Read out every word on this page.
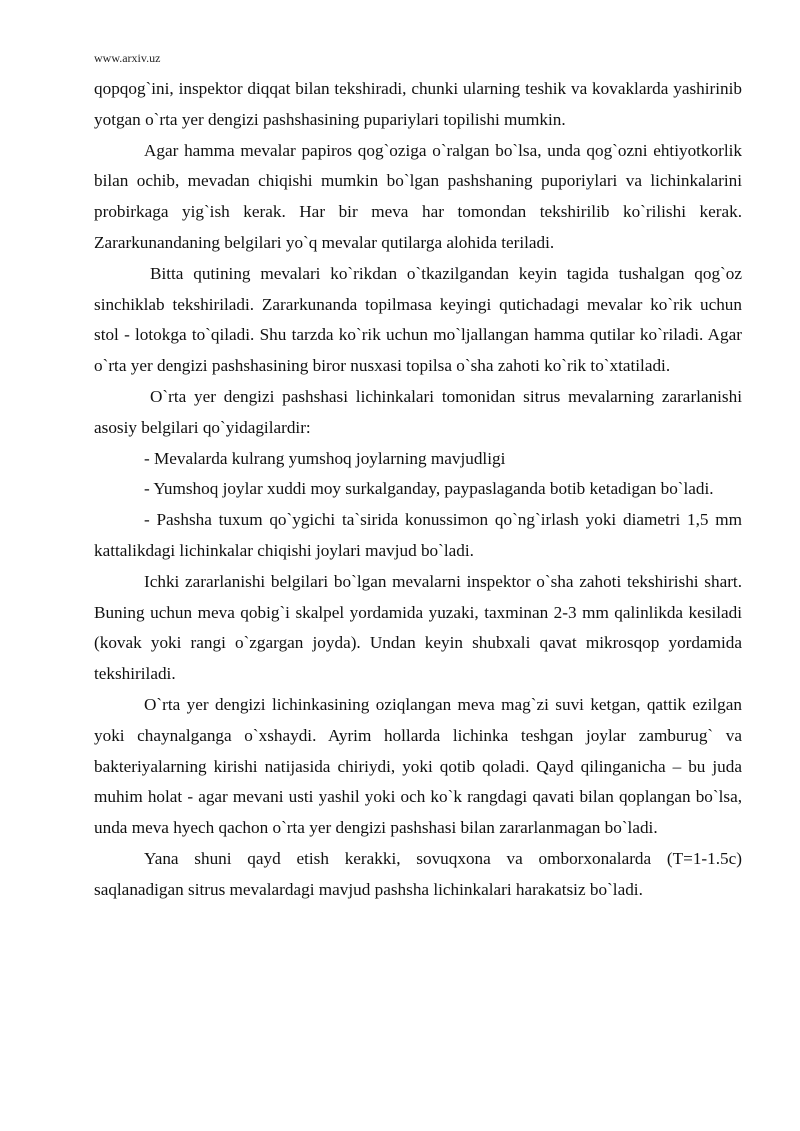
www.arxiv.uz

qopqog`ini, inspektor diqqat bilan tekshiradi, chunki ularning teshik va kovaklarda yashirinib yotgan o`rta yer dengizi pashshasining pupariylari topilishi mumkin.

Agar hamma mevalar papiros qog`oziga o`ralgan bo`lsa, unda qog`ozni ehtiyotkorlik bilan ochib, mevadan chiqishi mumkin bo`lgan pashshaning puporiylari va lichinkalarini probirkaga yig`ish kerak. Har bir meva har tomondan tekshirilib ko`rilishi kerak. Zararkunandaning belgilari yo`q mevalar qutilarga alohida teriladi.

Bitta qutining mevalari ko`rikdan o`tkazilgandan keyin tagida tushalgan qog`oz sinchiklab tekshiriladi. Zararkunanda topilmasa keyingi qutichadagi mevalar ko`rik uchun stol - lotokga to`qiladi. Shu tarzda ko`rik uchun mo`ljallangan hamma qutilar ko`riladi. Agar o`rta yer dengizi pashshasining biror nusxasi topilsa o`sha zahoti ko`rik to`xtatiladi.

O`rta yer dengizi pashshasi lichinkalari tomonidan sitrus mevalarning zararlanishi asosiy belgilari qo`yidagilardir:

- Mevalarda kulrang yumshoq joylarning mavjudligi

- Yumshoq joylar xuddi moy surkalganday, paypaslaganda botib ketadigan bo`ladi.

- Pashsha tuxum qo`ygichi ta`sirida konussimon qo`ng`irlash yoki diametri 1,5 mm kattalikdagi lichinkalar chiqishi joylari mavjud bo`ladi.

Ichki zararlanishi belgilari bo`lgan mevalarni inspektor o`sha zahoti tekshirishi shart. Buning uchun meva qobig`i skalpel yordamida yuzaki, taxminan 2-3 mm qalinlikda kesiladi (kovak yoki rangi o`zgargan joyda). Undan keyin shubxali qavat mikrosqop yordamida tekshiriladi.

O`rta yer dengizi lichinkasining oziqlangan meva mag`zi suvi ketgan, qattik ezilgan yoki chaynalganga o`xshaydi. Ayrim hollarda lichinka teshgan joylar zamburug` va bakteriyalarning kirishi natijasida chiriydi, yoki qotib qoladi. Qayd qilinganicha – bu juda muhim holat - agar mevani usti yashil yoki och ko`k rangdagi qavati bilan qoplangan bo`lsa, unda meva hyech qachon o`rta yer dengizi pashshasi bilan zararlanmagan bo`ladi.

Yana shuni qayd etish kerakki, sovuqxona va omborxonalarda (T=1-1.5c) saqlanadigan sitrus mevalardagi mavjud pashsha lichinkalari harakatsiz bo`ladi.
